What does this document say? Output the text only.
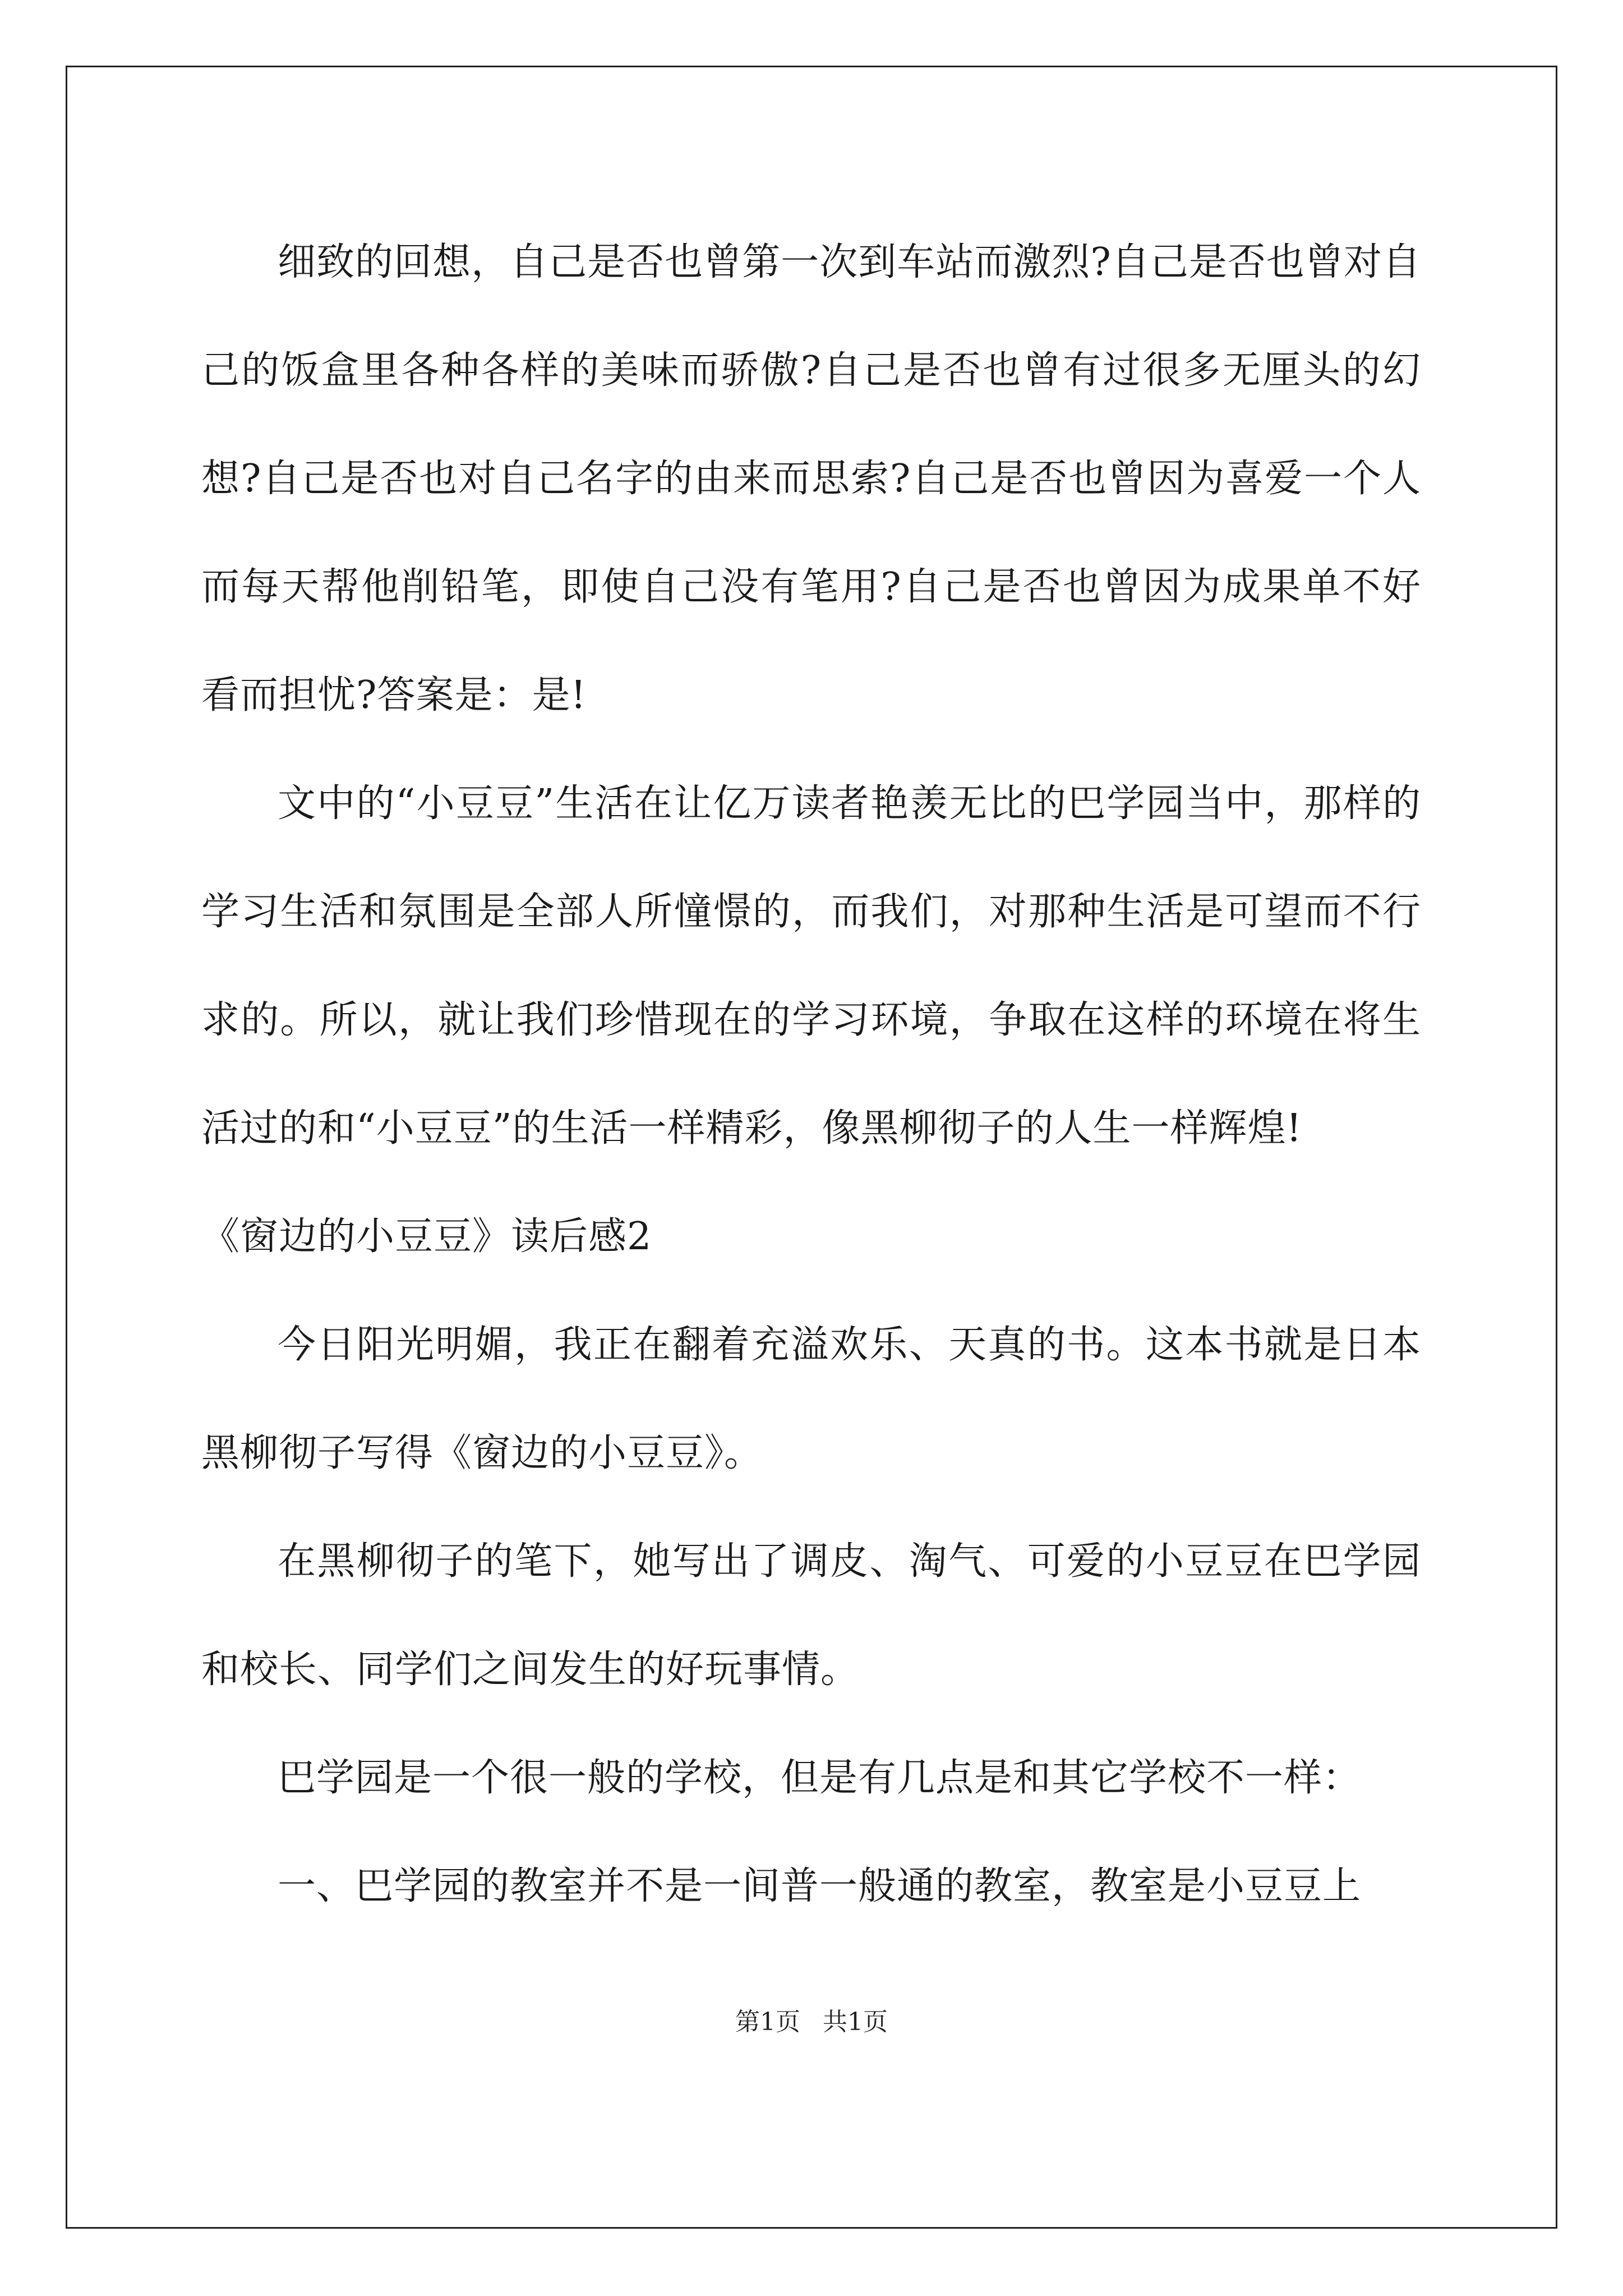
细致的回想，自己是否也曾第一次到车站而激烈?自己是否也曾对自己的饭盒里各种各样的美味而骄傲?自己是否也曾有过很多无厘头的幻想?自己是否也对自己名字的由来而思索?自己是否也曾因为喜爱一个人而每天帮他削铅笔，即使自己没有笔用?自己是否也曾因为成果单不好看而担忧?答案是：是!

文中的“小豆豆”生活在让亿万读者艳羡无比的巴学园当中，那样的学习生活和氛围是全部人所憧憬的，而我们，对那种生活是可望而不行求的。所以，就让我们珍惜现在的学习环境，争取在这样的环境在将生活过的和“小豆豆”的生活一样精彩，像黑柳彻子的人生一样辉煌!

《窗边的小豆豆》读后感2

今日阳光明媚，我正在翻着充溢欢乐、天真的书。这本书就是日本黑柳彻子写得《窗边的小豆豆》。

在黑柳彻子的笔下，她写出了调皮、淘气、可爱的小豆豆在巴学园和校长、同学们之间发生的好玩事情。

巴学园是一个很一般的学校，但是有几点是和其它学校不一样：

一、巴学园的教室并不是一间普一般通的教室，教室是小豆豆上

第1页 共1页
